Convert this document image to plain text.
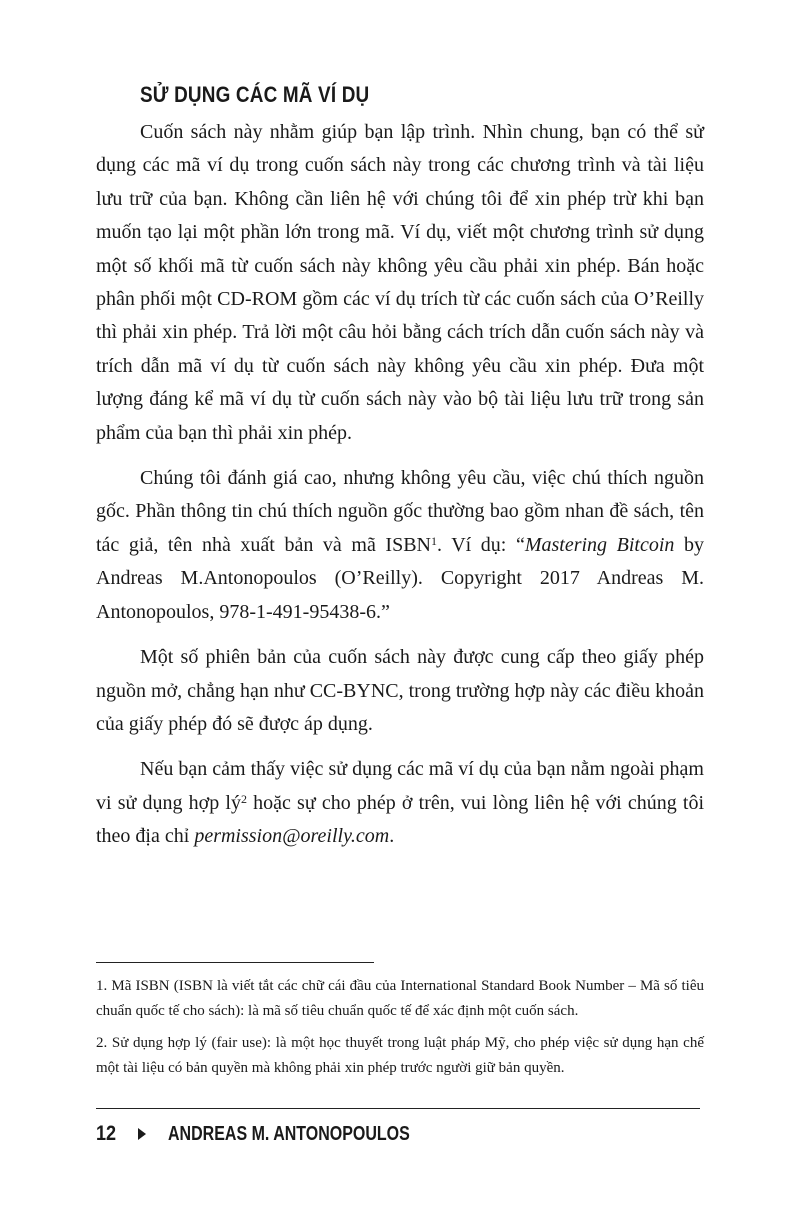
SỬ DỤNG CÁC MÃ VÍ DỤ

Cuốn sách này nhằm giúp bạn lập trình. Nhìn chung, bạn có thể sử dụng các mã ví dụ trong cuốn sách này trong các chương trình và tài liệu lưu trữ của bạn. Không cần liên hệ với chúng tôi để xin phép trừ khi bạn muốn tạo lại một phần lớn trong mã. Ví dụ, viết một chương trình sử dụng một số khối mã từ cuốn sách này không yêu cầu phải xin phép. Bán hoặc phân phối một CD-ROM gồm các ví dụ trích từ các cuốn sách của O’Reilly thì phải xin phép. Trả lời một câu hỏi bằng cách trích dẫn cuốn sách này và trích dẫn mã ví dụ từ cuốn sách này không yêu cầu xin phép. Đưa một lượng đáng kể mã ví dụ từ cuốn sách này vào bộ tài liệu lưu trữ trong sản phẩm của bạn thì phải xin phép.

Chúng tôi đánh giá cao, nhưng không yêu cầu, việc chú thích nguồn gốc. Phần thông tin chú thích nguồn gốc thường bao gồm nhan đề sách, tên tác giả, tên nhà xuất bản và mã ISBN$^1$. Ví dụ: “Mastering Bitcoin by Andreas M.Antonopoulos (O’Reilly). Copyright 2017 Andreas M. Antonopoulos, 978-1-491-95438-6.”

Một số phiên bản của cuốn sách này được cung cấp theo giấy phép nguồn mở, chẳng hạn như CC-BYNC, trong trường hợp này các điều khoản của giấy phép đó sẽ được áp dụng.

Nếu bạn cảm thấy việc sử dụng các mã ví dụ của bạn nằm ngoài phạm vi sử dụng hợp $lý^2$ hoặc sự cho phép ở trên, vui lòng liên hệ với chúng tôi theo địa chỉ permission@oreilly.com.

1. Mã ISBN (ISBN là viết tắt các chữ cái đầu của International Standard Book Number – Mã số tiêu chuẩn quốc tế cho sách): là mã số tiêu chuẩn quốc tế để xác định một cuốn sách.

2. Sử dụng hợp lý (fair use): là một học thuyết trong luật pháp Mỹ, cho phép việc sử dụng hạn chế một tài liệu có bản quyền mà không phải xin phép trước người giữ bản quyền.

12	ANDREAS M. ANTONOPOULOS
